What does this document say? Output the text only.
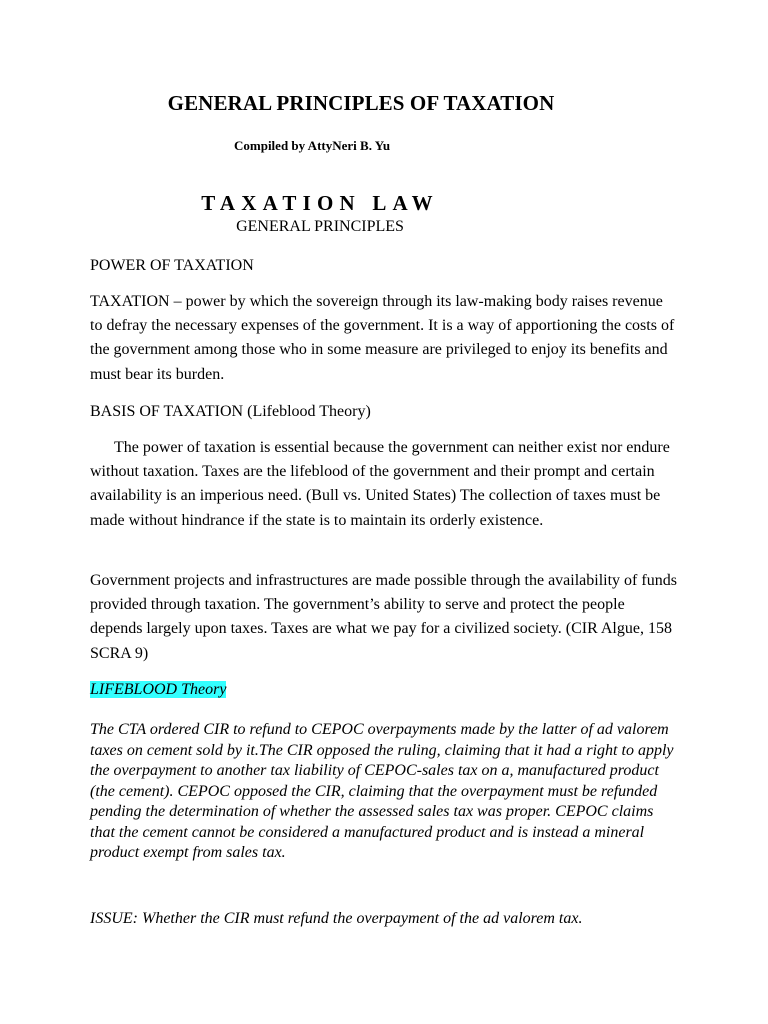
GENERAL PRINCIPLES OF TAXATION
Compiled by AttyNeri B. Yu
TAXATION LAW
GENERAL PRINCIPLES
POWER OF TAXATION
TAXATION – power by which the sovereign through its law-making body raises revenue to defray the necessary expenses of the government. It is a way of apportioning the costs of the government among those who in some measure are privileged to enjoy its benefits and must bear its burden.
BASIS OF TAXATION (Lifeblood Theory)
The power of taxation is essential because the government can neither exist nor endure without taxation. Taxes are the lifeblood of the government and their prompt and certain availability is an imperious need. (Bull vs. United States) The collection of taxes must be made without hindrance if the state is to maintain its orderly existence.
Government projects and infrastructures are made possible through the availability of funds provided through taxation. The government’s ability to serve and protect the people depends largely upon taxes. Taxes are what we pay for a civilized society. (CIR Algue, 158 SCRA 9)
LIFEBLOOD Theory
The CTA ordered CIR to refund to CEPOC overpayments made by the latter of ad valorem taxes on cement sold by it.The CIR opposed the ruling, claiming that it had a right to apply the overpayment to another tax liability of CEPOC-sales tax on a, manufactured product (the cement). CEPOC opposed the CIR, claiming that the overpayment must be refunded pending the determination of whether the assessed sales tax was proper. CEPOC claims that the cement cannot be considered a manufactured product and is instead a mineral product exempt from sales tax.
ISSUE: Whether the CIR must refund the overpayment of the ad valorem tax.
